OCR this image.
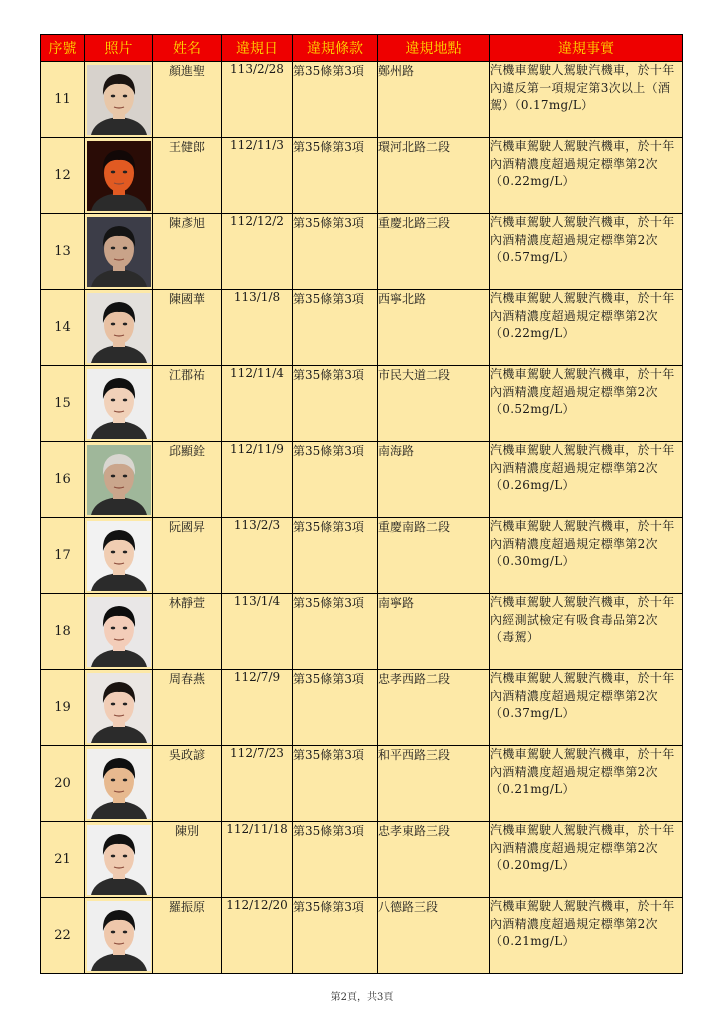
序號	照片	姓名	違規日	違規條款	違規地點	違規事實
11		顏進聖	113/2/28	第35條第3項	鄭州路	汽機車駕駛人駕駛汽機車，於十年內違反第一項規定第3次以上（酒駕）（0.17mg/L）
12		王健郎	112/11/3	第35條第3項	環河北路二段	汽機車駕駛人駕駛汽機車，於十年內酒精濃度超過規定標準第2次（0.22mg/L）
13		陳彥旭	112/12/2	第35條第3項	重慶北路三段	汽機車駕駛人駕駛汽機車，於十年內酒精濃度超過規定標準第2次（0.57mg/L）
14		陳國華	113/1/8	第35條第3項	西寧北路	汽機車駕駛人駕駛汽機車，於十年內酒精濃度超過規定標準第2次（0.22mg/L）
15		江郡祐	112/11/4	第35條第3項	市民大道二段	汽機車駕駛人駕駛汽機車，於十年內酒精濃度超過規定標準第2次（0.52mg/L）
16		邱顯銓	112/11/9	第35條第3項	南海路	汽機車駕駛人駕駛汽機車，於十年內酒精濃度超過規定標準第2次（0.26mg/L）
17		阮國昇	113/2/3	第35條第3項	重慶南路二段	汽機車駕駛人駕駛汽機車，於十年內酒精濃度超過規定標準第2次（0.30mg/L）
18		林靜萱	113/1/4	第35條第3項	南寧路	汽機車駕駛人駕駛汽機車，於十年內經測試檢定有吸食毒品第2次（毒駕）
19		周春燕	112/7/9	第35條第3項	忠孝西路二段	汽機車駕駛人駕駛汽機車，於十年內酒精濃度超過規定標準第2次（0.37mg/L）
20		吳政諺	112/7/23	第35條第3項	和平西路三段	汽機車駕駛人駕駛汽機車，於十年內酒精濃度超過規定標準第2次（0.21mg/L）
21		陳別	112/11/18	第35條第3項	忠孝東路三段	汽機車駕駛人駕駛汽機車，於十年內酒精濃度超過規定標準第2次（0.20mg/L）
22		羅振原	112/12/20	第35條第3項	八德路三段	汽機車駕駛人駕駛汽機車，於十年內酒精濃度超過規定標準第2次（0.21mg/L）
第2頁，共3頁
